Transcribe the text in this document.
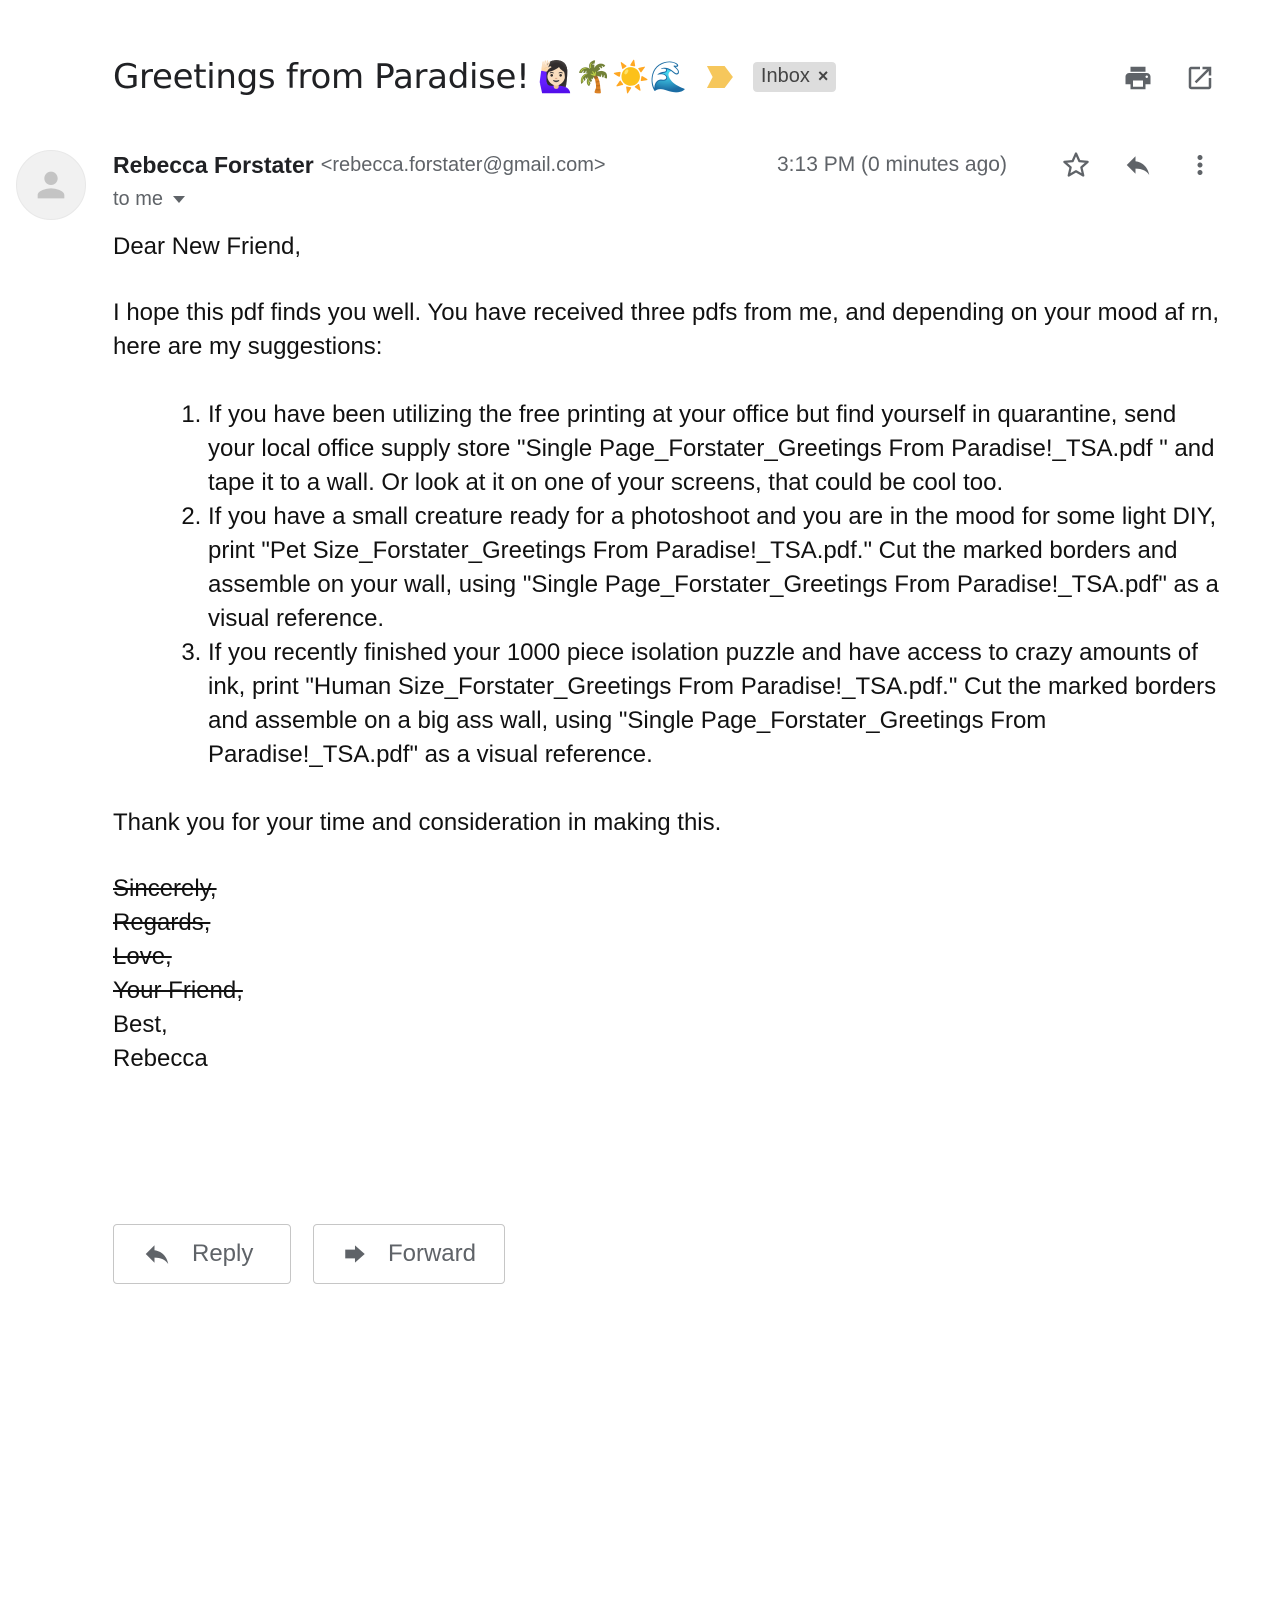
Greetings from Paradise! 🙋🏻‍♀️🌴☀️🌊	Inbox ×
Rebecca Forstater <rebecca.forstater@gmail.com>	3:13 PM (0 minutes ago)
to me

Dear New Friend,

I hope this pdf finds you well. You have received three pdfs from me, and depending on your mood af rn, here are my suggestions:

1. If you have been utilizing the free printing at your office but find yourself in quarantine, send your local office supply store "Single Page_Forstater_Greetings From Paradise!_TSA.pdf " and tape it to a wall. Or look at it on one of your screens, that could be cool too.
2. If you have a small creature ready for a photoshoot and you are in the mood for some light DIY, print "Pet Size_Forstater_Greetings From Paradise!_TSA.pdf." Cut the marked borders and assemble on your wall, using "Single Page_Forstater_Greetings From Paradise!_TSA.pdf" as a visual reference.
3. If you recently finished your 1000 piece isolation puzzle and have access to crazy amounts of ink, print "Human Size_Forstater_Greetings From Paradise!_TSA.pdf." Cut the marked borders and assemble on a big ass wall, using "Single Page_Forstater_Greetings From Paradise!_TSA.pdf" as a visual reference.

Thank you for your time and consideration in making this.

Sincerely,

Regards,

Love,

Your Friend,

Best,

Rebecca

Reply	Forward
